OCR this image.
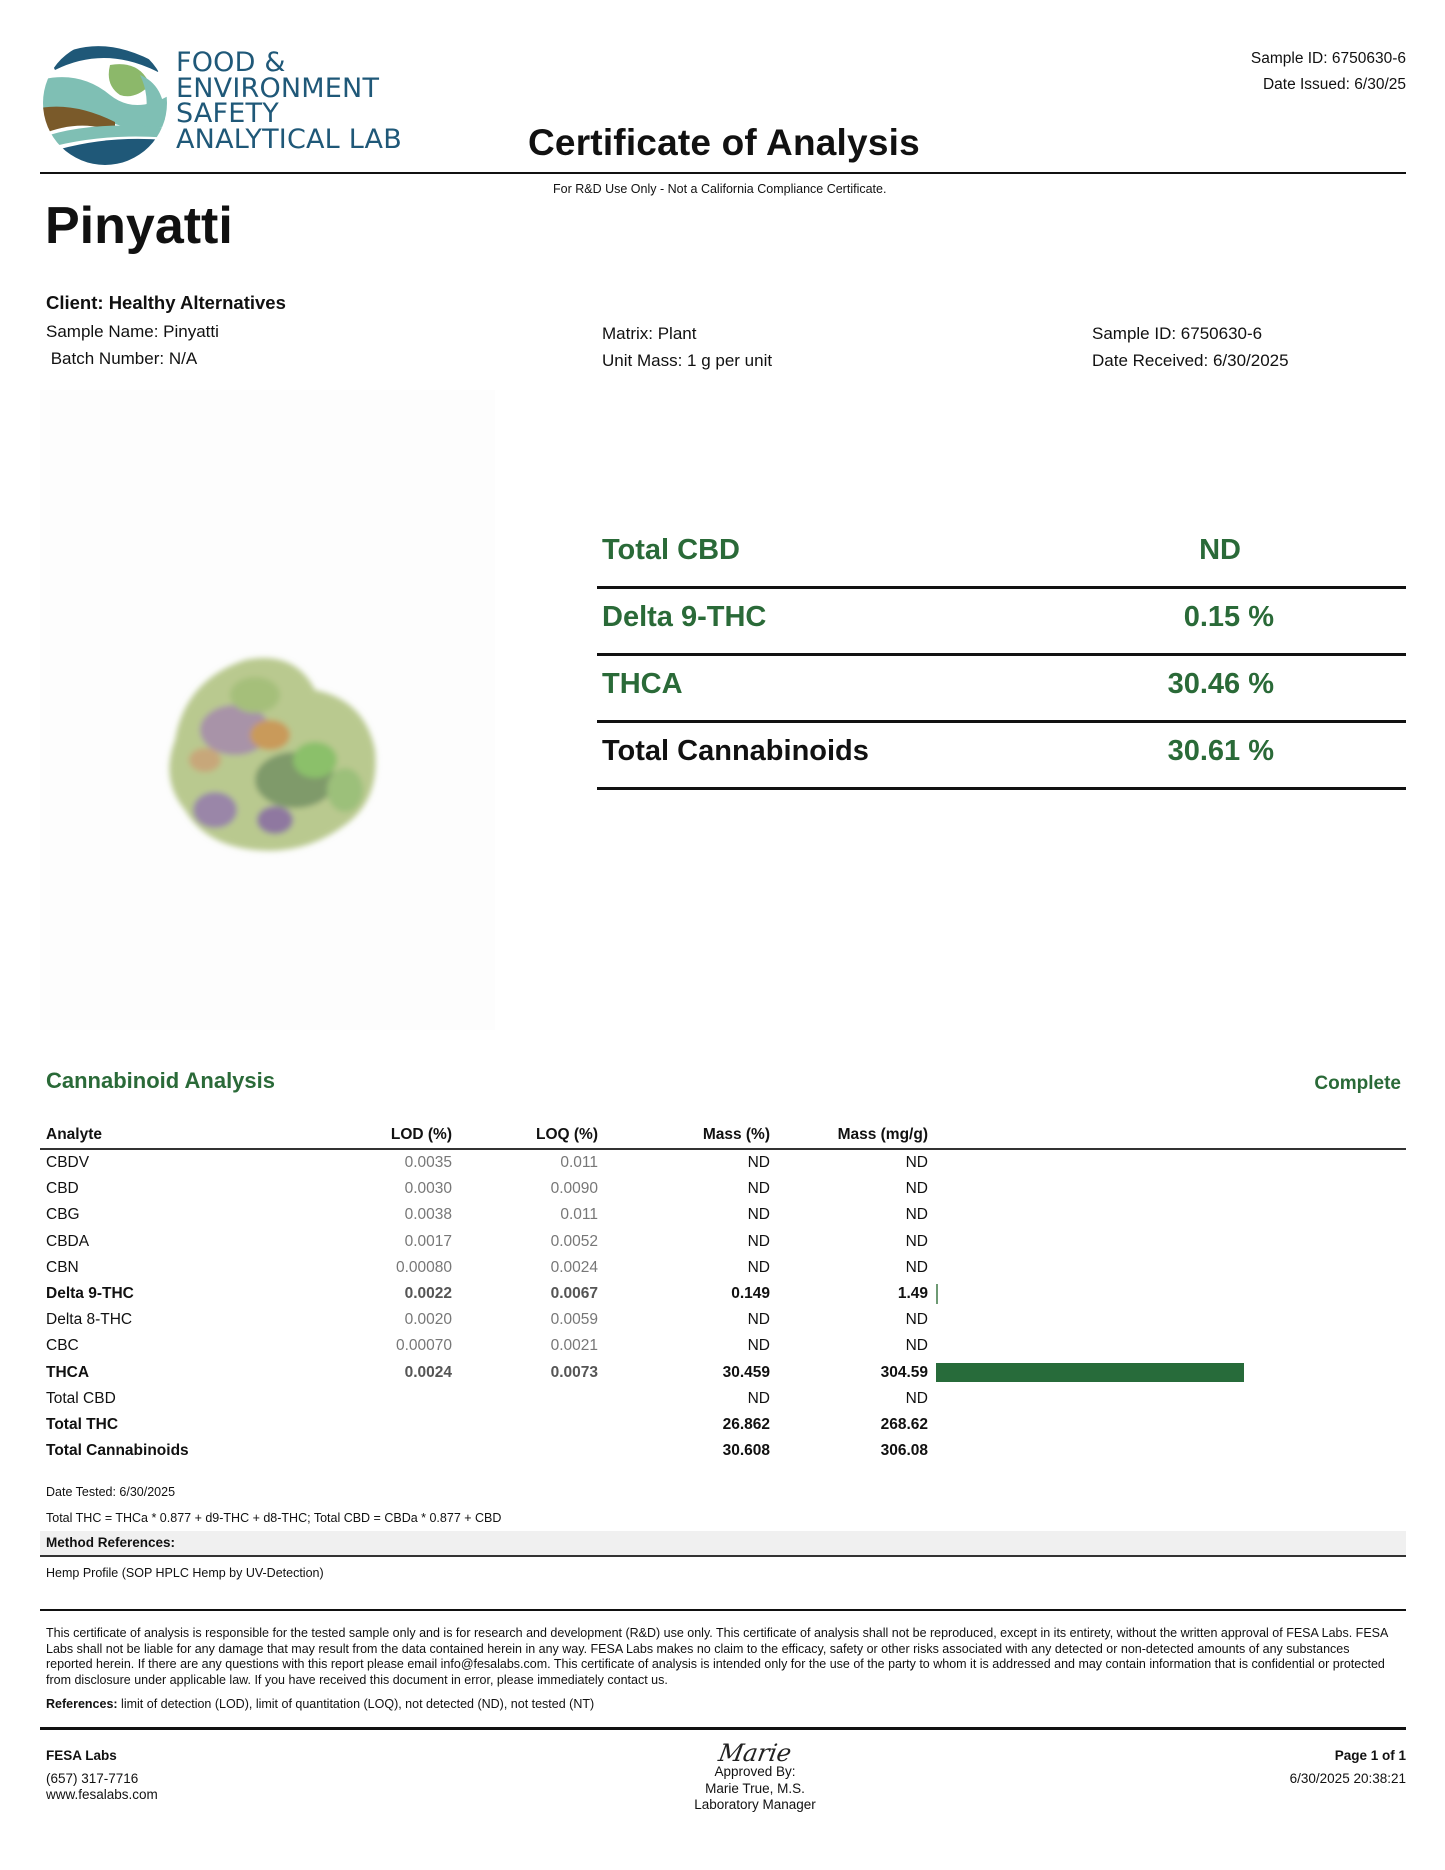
FOOD &
ENVIRONMENT
SAFETY
ANALYTICAL LAB
Sample ID: 6750630-6
Date Issued: 6/30/25
Certificate of Analysis
For R&D Use Only - Not a California Compliance Certificate.
Pinyatti
Client: Healthy Alternatives
Sample Name: Pinyatti
Batch Number: N/A
Matrix: Plant
Unit Mass: 1 g per unit
Sample ID: 6750630-6
Date Received: 6/30/2025
Total CBD	ND
Delta 9-THC	0.15 %
THCA	30.46 %
Total Cannabinoids	30.61 %
Cannabinoid Analysis	Complete
Analyte	LOD (%)	LOQ (%)	Mass (%)	Mass (mg/g)	
CBDV	0.0035	0.011	ND	ND	
CBD	0.0030	0.0090	ND	ND	
CBG	0.0038	0.011	ND	ND	
CBDA	0.0017	0.0052	ND	ND	
CBN	0.00080	0.0024	ND	ND	
Delta 9-THC	0.0022	0.0067	0.149	1.49	
Delta 8-THC	0.0020	0.0059	ND	ND	
CBC	0.00070	0.0021	ND	ND	
THCA	0.0024	0.0073	30.459	304.59	
Total CBD			ND	ND	
Total THC			26.862	268.62	
Total Cannabinoids			30.608	306.08	
Date Tested: 6/30/2025
Total THC = THCa * 0.877 + d9-THC + d8-THC; Total CBD = CBDa * 0.877 + CBD
Method References:
Hemp Profile (SOP HPLC Hemp by UV-Detection)
This certificate of analysis is responsible for the tested sample only and is for research and development (R&D) use only. This certificate of analysis shall not be reproduced, except in its entirety, without the written approval of FESA Labs. FESA Labs shall not be liable for any damage that may result from the data contained herein in any way. FESA Labs makes no claim to the efficacy, safety or other risks associated with any detected or non-detected amounts of any substances reported herein. If there are any questions with this report please email info@fesalabs.com. This certificate of analysis is intended only for the use of the party to whom it is addressed and may contain information that is confidential or protected from disclosure under applicable law. If you have received this document in error, please immediately contact us.
References: limit of detection (LOD), limit of quantitation (LOQ), not detected (ND), not tested (NT)
FESA Labs
(657) 317-7716
www.fesalabs.com
Marie
Approved By:
Marie True, M.S.
Laboratory Manager
Page 1 of 1
6/30/2025 20:38:21
